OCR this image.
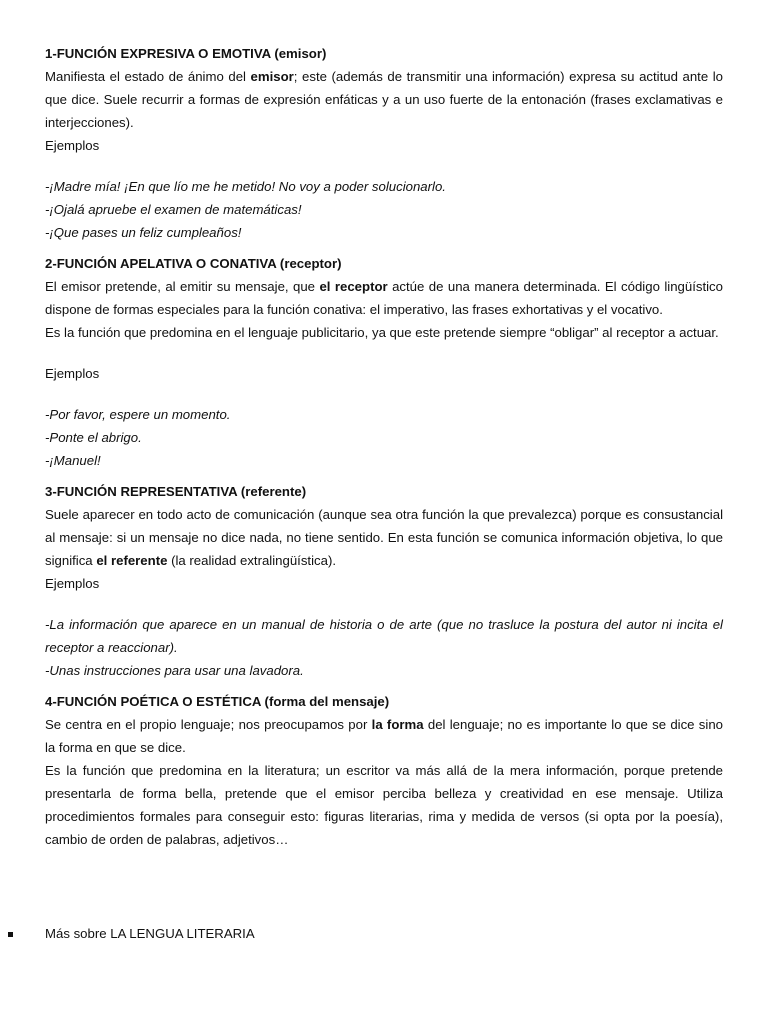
1-FUNCIÓN EXPRESIVA O EMOTIVA (emisor)

Manifiesta el estado de ánimo del emisor; este (además de transmitir una información) expresa su actitud ante lo que dice. Suele recurrir a formas de expresión enfáticas y a un uso fuerte de la entonación (frases exclamativas e interjecciones).

Ejemplos

-¡Madre mía! ¡En que lío me he metido! No voy a poder solucionarlo.

-¡Ojalá apruebe el examen de matemáticas!

-¡Que pases un feliz cumpleaños!

2-FUNCIÓN APELATIVA O CONATIVA (receptor)

El emisor pretende, al emitir su mensaje, que el receptor actúe de una manera determinada. El código lingüístico dispone de formas especiales para la función conativa: el imperativo, las frases exhortativas y el vocativo.

Es la función que predomina en el lenguaje publicitario, ya que este pretende siempre “obligar” al receptor a actuar.

Ejemplos

-Por favor, espere un momento.

-Ponte el abrigo.

-¡Manuel!

3-FUNCIÓN REPRESENTATIVA (referente)

Suele aparecer en todo acto de comunicación (aunque sea otra función la que prevalezca) porque es consustancial al mensaje: si un mensaje no dice nada, no tiene sentido. En esta función se comunica información objetiva, lo que significa el referente (la realidad extralingüística).

Ejemplos

-La información que aparece en un manual de historia o de arte (que no trasluce la postura del autor ni incita el receptor a reaccionar).

-Unas instrucciones para usar una lavadora.

4-FUNCIÓN POÉTICA O ESTÉTICA (forma del mensaje)

Se centra en el propio lenguaje; nos preocupamos por la forma del lenguaje; no es importante lo que se dice sino la forma en que se dice.

Es la función que predomina en la literatura; un escritor va más allá de la mera información, porque pretende presentarla de forma bella, pretende que el emisor perciba belleza y creatividad en ese mensaje. Utiliza procedimientos formales para conseguir esto: figuras literarias, rima y medida de versos (si opta por la poesía), cambio de orden de palabras, adjetivos…

Más sobre LA LENGUA LITERARIA
